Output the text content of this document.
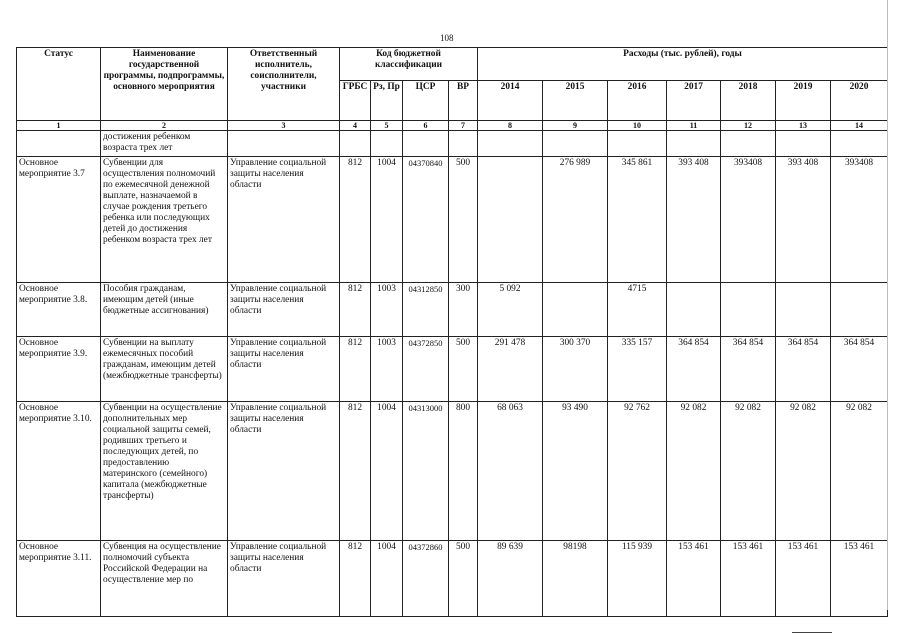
108
Статус	Наименование государственной программы, подпрограммы, основного мероприятия	Ответственный исполнитель, соисполнители, участники	Код бюджетной классификации				Расходы (тыс. рублей), годы						
			ГРБС	Рз, Пр	ЦСР	ВР	2014	2015	2016	2017	2018	2019	2020
1	2	3	4	5	6	7	8	9	10	11	12	13	14
	достижения ребенком возраста трех лет												
Основное мероприятие 3.7	Субвенции для осуществления полномочий по ежемесячной денежной выплате, назначаемой в случае рождения третьего ребенка или последующих детей до достижения ребенком возраста трех лет	Управление социальной защиты населения области	812	1004	04370840	500		276 989	345 861	393 408	393408	393 408	393408
Основное мероприятие 3.8.	Пособия гражданам, имеющим детей (иные бюджетные ассигнования)	Управление социальной защиты населения области	812	1003	04312850	300	5 092		4715				
Основное мероприятие 3.9.	Субвенции на выплату ежемесячных пособий гражданам, имеющим детей (межбюджетные трансферты)	Управление социальной защиты населения области	812	1003	04372850	500	291 478	300 370	335 157	364 854	364 854	364 854	364 854
Основное мероприятие 3.10.	Субвенции на осуществление дополнительных мер социальной защиты семей, родивших третьего и последующих детей, по предоставлению материнского (семейного) капитала (межбюджетные трансферты)	Управление социальной защиты населения области	812	1004	04313000	800	68 063	93 490	92 762	92 082	92 082	92 082	92 082
Основное мероприятие 3.11.	Субвенция на осуществление полномочий субъекта Российской Федерации на осуществление мер по	Управление социальной защиты населения области	812	1004	04372860	500	89 639	98198	115 939	153 461	153 461	153 461	153 461
